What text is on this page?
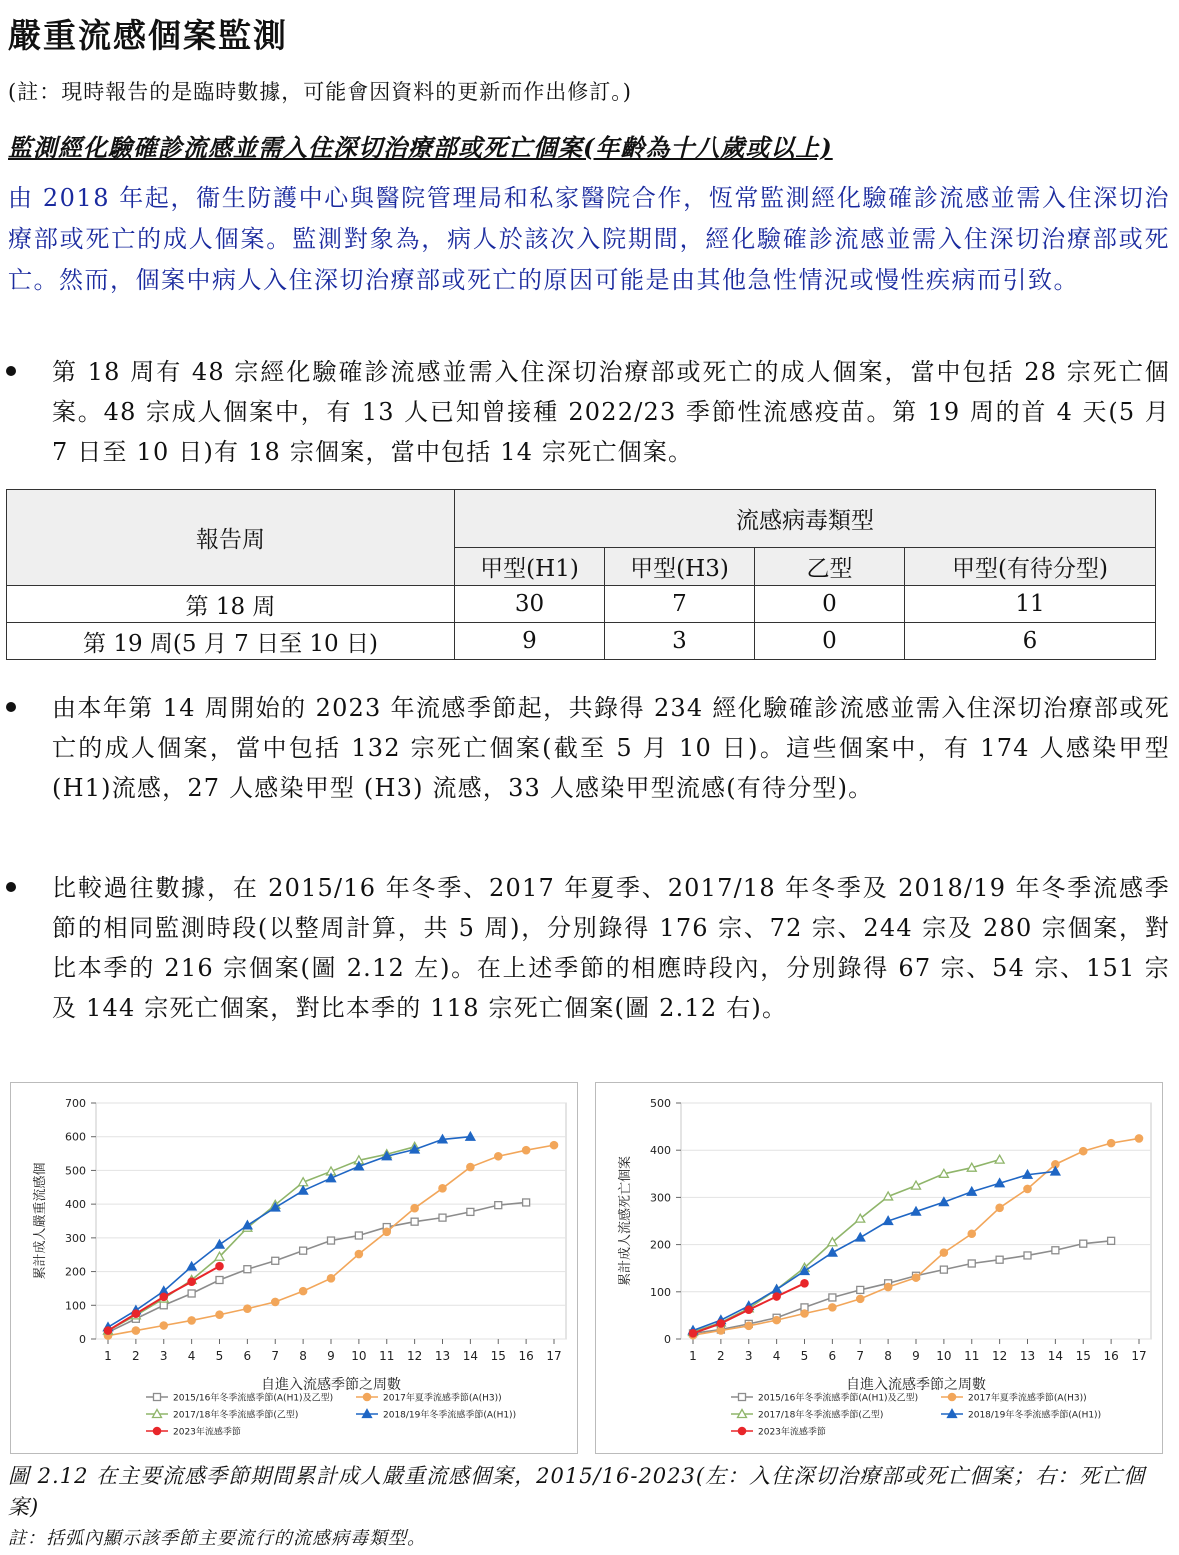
嚴重流感個案監測
(註：現時報告的是臨時數據，可能會因資料的更新而作出修訂。)
監測經化驗確診流感並需入住深切治療部或死亡個案(年齡為十八歲或以上)

由 2018 年起，衞生防護中心與醫院管理局和私家醫院合作，恆常監測經化驗確診流感並需入住深切治療部或死亡的成人個案。監測對象為，病人於該次入院期間，經化驗確診流感並需入住深切治療部或死亡。然而，個案中病人入住深切治療部或死亡的原因可能是由其他急性情況或慢性疾病而引致。

第 18 周有 48 宗經化驗確診流感並需入住深切治療部或死亡的成人個案，當中包括 28 宗死亡個案。48 宗成人個案中，有 13 人已知曾接種 2022/23 季節性流感疫苗。第 19 周的首 4 天(5 月 7 日至 10 日)有 18 宗個案，當中包括 14 宗死亡個案。

報告周	流感病毒類型			
	甲型(H1)	甲型(H3)	乙型	甲型(有待分型)
第 18 周	30	7	0	11
第 19 周(5 月 7 日至 10 日)	9	3	0	6

由本年第 14 周開始的 2023 年流感季節起，共錄得 234 經化驗確診流感並需入住深切治療部或死亡的成人個案，當中包括 132 宗死亡個案(截至 5 月 10 日)。這些個案中，有 174 人感染甲型(H1)流感，27 人感染甲型 (H3) 流感，33 人感染甲型流感(有待分型)。

比較過往數據，在 2015/16 年冬季、2017 年夏季、2017/18 年冬季及 2018/19 年冬季流感季節的相同監測時段(以整周計算，共 5 周)，分別錄得 176 宗、72 宗、244 宗及 280 宗個案，對比本季的 216 宗個案(圖 2.12 左)。在上述季節的相應時段內，分別錄得 67 宗、54 宗、151 宗及 144 宗死亡個案，對比本季的 118 宗死亡個案(圖 2.12 右)。

0
100
200
300
400
500
600
700
1 2 3 4 5 6 7 8 9 10 11 12 13 14 15 16 17
自進入流感季節之周數
累計成人嚴重流感個
2015/16年冬季流感季節(A(H1)及乙型)	2017年夏季流感季節(A(H3))
2017/18年冬季流感季節(乙型)	2018/19年冬季流感季節(A(H1))
2023年流感季節
0
100
200
300
400
500
1 2 3 4 5 6 7 8 9 10 11 12 13 14 15 16 17
自進入流感季節之周數
累計成人流感死亡個案
2015/16年冬季流感季節(A(H1)及乙型)	2017年夏季流感季節(A(H3))
2017/18年冬季流感季節(乙型)	2018/19年冬季流感季節(A(H1))
2023年流感季節

圖 2.12 在主要流感季節期間累計成人嚴重流感個案，2015/16-2023(左：入住深切治療部或死亡個案；右：死亡個案)

註：括弧內顯示該季節主要流行的流感病毒類型。
